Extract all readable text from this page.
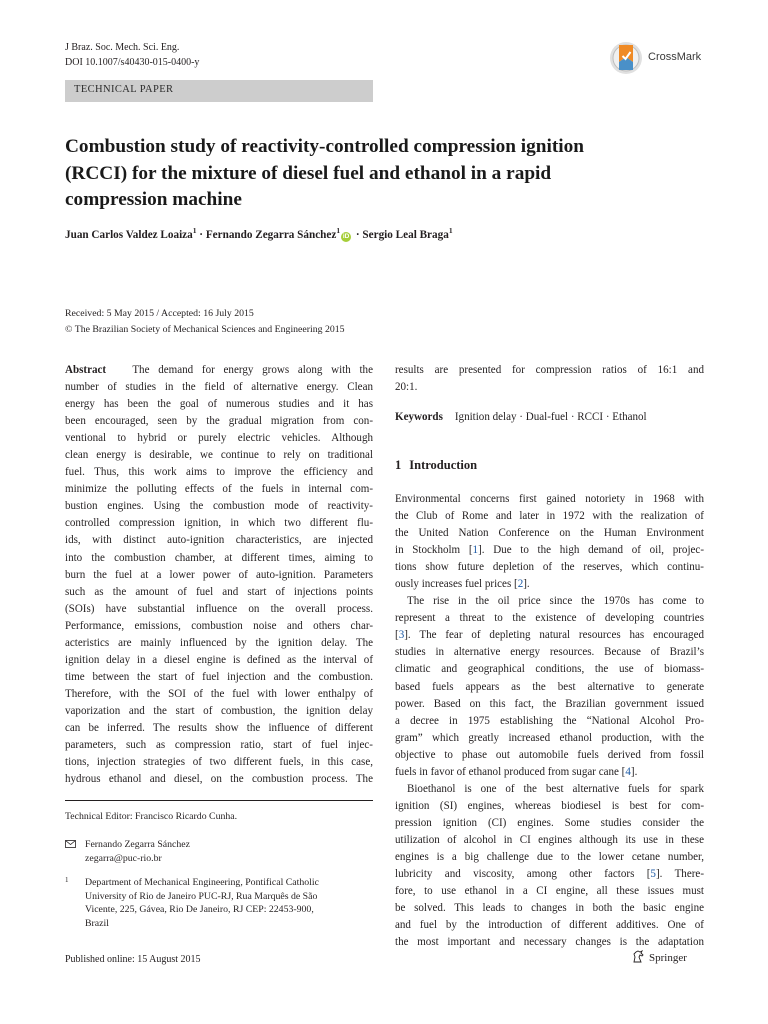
J Braz. Soc. Mech. Sci. Eng.
DOI 10.1007/s40430-015-0400-y	CrossMark
TECHNICAL PAPER
Combustion study of reactivity-controlled compression ignition
(RCCI) for the mixture of diesel fuel and ethanol in a rapid
compression machine
Juan Carlos Valdez Loaiza$^1$ · Fernando Zegarra Sánchez$^1$iD · Sergio Leal Braga$^1$
Received: 5 May 2015 / Accepted: 16 July 2015
© The Brazilian Society of Mechanical Sciences and Engineering 2015

Abstract The demand for energy grows along with the

number of studies in the field of alternative energy. Clean

energy has been the goal of numerous studies and it has

been encouraged, seen by the gradual migration from con-

ventional to hybrid or purely electric vehicles. Although

clean energy is desirable, we continue to rely on traditional

fuel. Thus, this work aims to improve the efficiency and

minimize the polluting effects of the fuels in internal com-

bustion engines. Using the combustion mode of reactivity-

controlled compression ignition, in which two different flu-

ids, with distinct auto-ignition characteristics, are injected

into the combustion chamber, at different times, aiming to

burn the fuel at a lower power of auto-ignition. Parameters

such as the amount of fuel and start of injections points

(SOIs) have substantial influence on the overall process.

Performance, emissions, combustion noise and others char-

acteristics are mainly influenced by the ignition delay. The

ignition delay in a diesel engine is defined as the interval of

time between the start of fuel injection and the combustion.

Therefore, with the SOI of the fuel with lower enthalpy of

vaporization and the start of combustion, the ignition delay

can be inferred. The results show the influence of different

parameters, such as compression ratio, start of fuel injec-

tions, injection strategies of two different fuels, in this case,

hydrous ethanol and diesel, on the combustion process. The

Technical Editor: Francisco Ricardo Cunha.
Fernando Zegarra Sánchez
zegarra@puc-rio.br
1	Department of Mechanical Engineering, Pontifical Catholic
University of Rio de Janeiro PUC-RJ, Rua Marquês de São
Vicente, 225, Gávea, Rio De Janeiro, RJ CEP: 22453-900,
Brazil

results are presented for compression ratios of 16:1 and

20:1.

Keywords Ignition delay · Dual-fuel · RCCI · Ethanol
1 Introduction

Environmental concerns first gained notoriety in 1968 with

the Club of Rome and later in 1972 with the realization of

the United Nation Conference on the Human Environment

in Stockholm [1]. Due to the high demand of oil, projec-

tions show future depletion of the reserves, which continu-

ously increases fuel prices [2].

The rise in the oil price since the 1970s has come to

represent a threat to the existence of developing countries

[3]. The fear of depleting natural resources has encouraged

studies in alternative energy resources. Because of Brazil’s

climatic and geographical conditions, the use of biomass-

based fuels appears as the best alternative to generate

power. Based on this fact, the Brazilian government issued

a decree in 1975 establishing the “National Alcohol Pro-

gram” which greatly increased ethanol production, with the

objective to phase out automobile fuels derived from fossil

fuels in favor of ethanol produced from sugar cane [4].

Bioethanol is one of the best alternative fuels for spark

ignition (SI) engines, whereas biodiesel is best for com-

pression ignition (CI) engines. Some studies consider the

utilization of alcohol in CI engines although its use in these

engines is a big challenge due to the lower cetane number,

lubricity and viscosity, among other factors [5]. There-

fore, to use ethanol in a CI engine, all these issues must

be solved. This leads to changes in both the basic engine

and fuel by the introduction of different additives. One of

the most important and necessary changes is the adaptation

Published online: 15 August 2015	Springer
